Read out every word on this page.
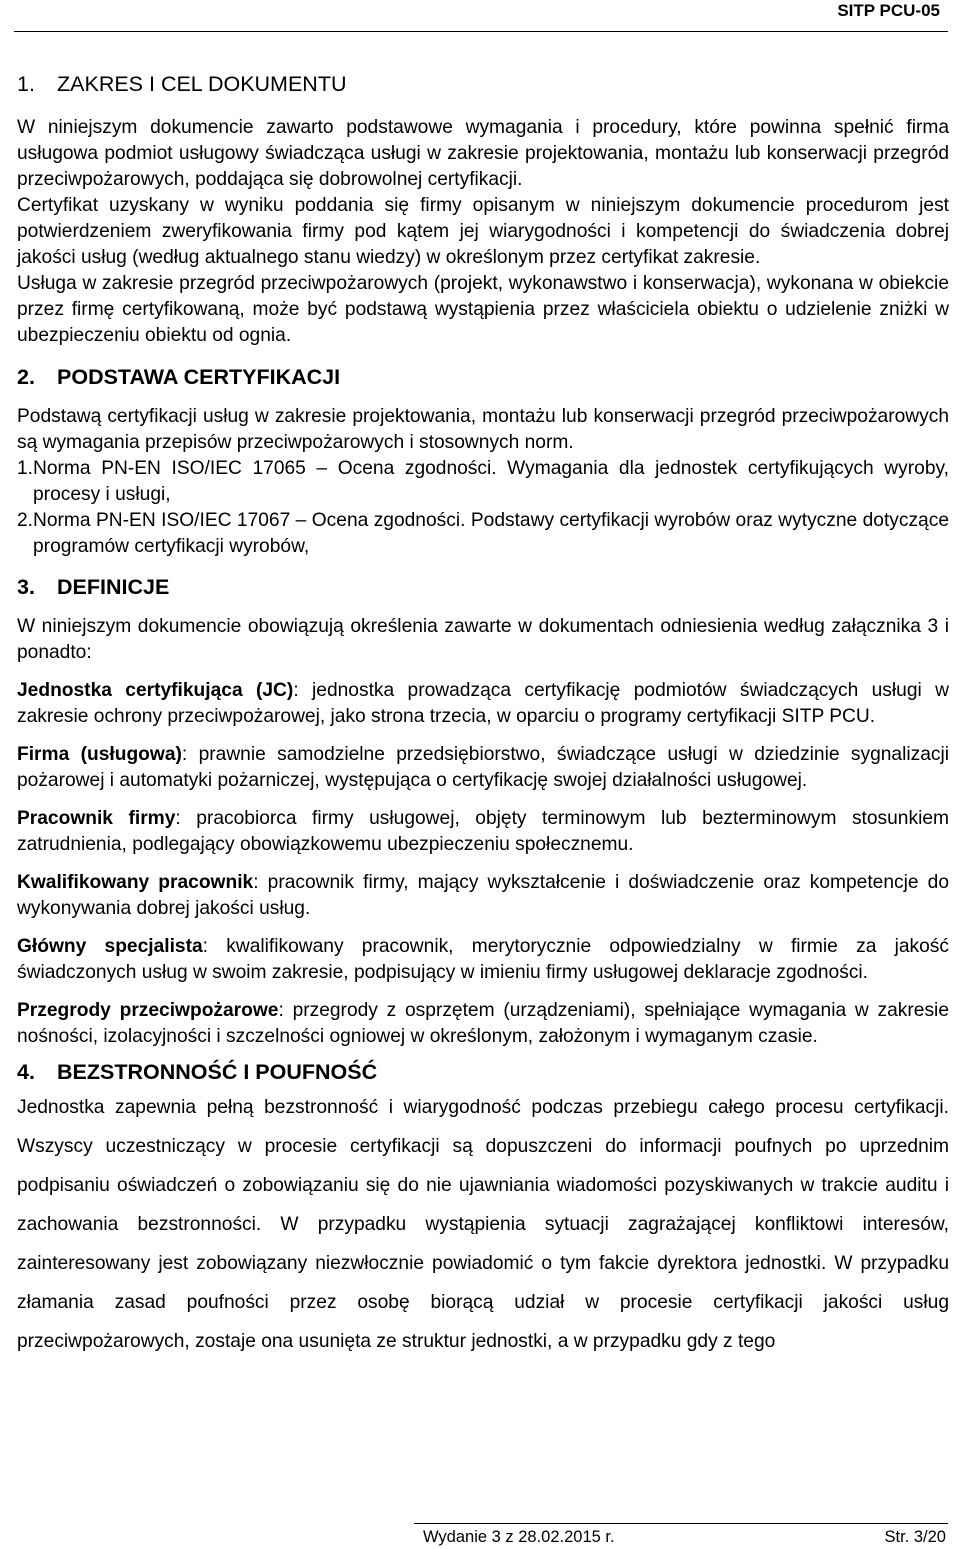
SITP PCU-05
1. ZAKRES I CEL DOKUMENTU

W niniejszym dokumencie zawarto podstawowe wymagania i procedury, które powinna spełnić firma usługowa podmiot usługowy świadcząca usługi w zakresie projektowania, montażu lub konserwacji przegród przeciwpożarowych, poddająca się dobrowolnej certyfikacji.

Certyfikat uzyskany w wyniku poddania się firmy opisanym w niniejszym dokumencie procedurom jest potwierdzeniem zweryfikowania firmy pod kątem jej wiarygodności i kompetencji do świadczenia dobrej jakości usług (według aktualnego stanu wiedzy) w określonym przez certyfikat zakresie.

Usługa w zakresie przegród przeciwpożarowych (projekt, wykonawstwo i konserwacja), wykonana w obiekcie przez firmę certyfikowaną, może być podstawą wystąpienia przez właściciela obiektu o udzielenie zniżki w ubezpieczeniu obiektu od ognia.

2. PODSTAWA CERTYFIKACJI

Podstawą certyfikacji usług w zakresie projektowania, montażu lub konserwacji przegród przeciwpożarowych są wymagania przepisów przeciwpożarowych i stosownych norm.

1. Norma PN-EN ISO/IEC 17065 – Ocena zgodności. Wymagania dla jednostek certyfikujących wyroby, procesy i usługi,
2. Norma PN-EN ISO/IEC 17067 – Ocena zgodności. Podstawy certyfikacji wyrobów oraz wytyczne dotyczące programów certyfikacji wyrobów,
3. DEFINICJE

W niniejszym dokumencie obowiązują określenia zawarte w dokumentach odniesienia według załącznika 3 i ponadto:

Jednostka certyfikująca (JC): jednostka prowadząca certyfikację podmiotów świadczących usługi w zakresie ochrony przeciwpożarowej, jako strona trzecia, w oparciu o programy certyfikacji SITP PCU.

Firma (usługowa): prawnie samodzielne przedsiębiorstwo, świadczące usługi w dziedzinie sygnalizacji pożarowej i automatyki pożarniczej, występująca o certyfikację swojej działalności usługowej.

Pracownik firmy: pracobiorca firmy usługowej, objęty terminowym lub bezterminowym stosunkiem zatrudnienia, podlegający obowiązkowemu ubezpieczeniu społecznemu.

Kwalifikowany pracownik: pracownik firmy, mający wykształcenie i doświadczenie oraz kompetencje do wykonywania dobrej jakości usług.

Główny specjalista: kwalifikowany pracownik, merytorycznie odpowiedzialny w firmie za jakość świadczonych usług w swoim zakresie, podpisujący w imieniu firmy usługowej deklaracje zgodności.

Przegrody przeciwpożarowe: przegrody z osprzętem (urządzeniami), spełniające wymagania w zakresie nośności, izolacyjności i szczelności ogniowej w określonym, założonym i wymaganym czasie.

4. BEZSTRONNOŚĆ I POUFNOŚĆ

Jednostka zapewnia pełną bezstronność i wiarygodność podczas przebiegu całego procesu certyfikacji. Wszyscy uczestniczący w procesie certyfikacji są dopuszczeni do informacji poufnych po uprzednim podpisaniu oświadczeń o zobowiązaniu się do nie ujawniania wiadomości pozyskiwanych w trakcie auditu i zachowania bezstronności. W przypadku wystąpienia sytuacji zagrażającej konfliktowi interesów, zainteresowany jest zobowiązany niezwłocznie powiadomić o tym fakcie dyrektora jednostki. W przypadku złamania zasad poufności przez osobę biorącą udział w procesie certyfikacji jakości usług przeciwpożarowych, zostaje ona usunięta ze struktur jednostki, a w przypadku gdy z tego

Wydanie 3 z 28.02.2015 r.	Str. 3/20
